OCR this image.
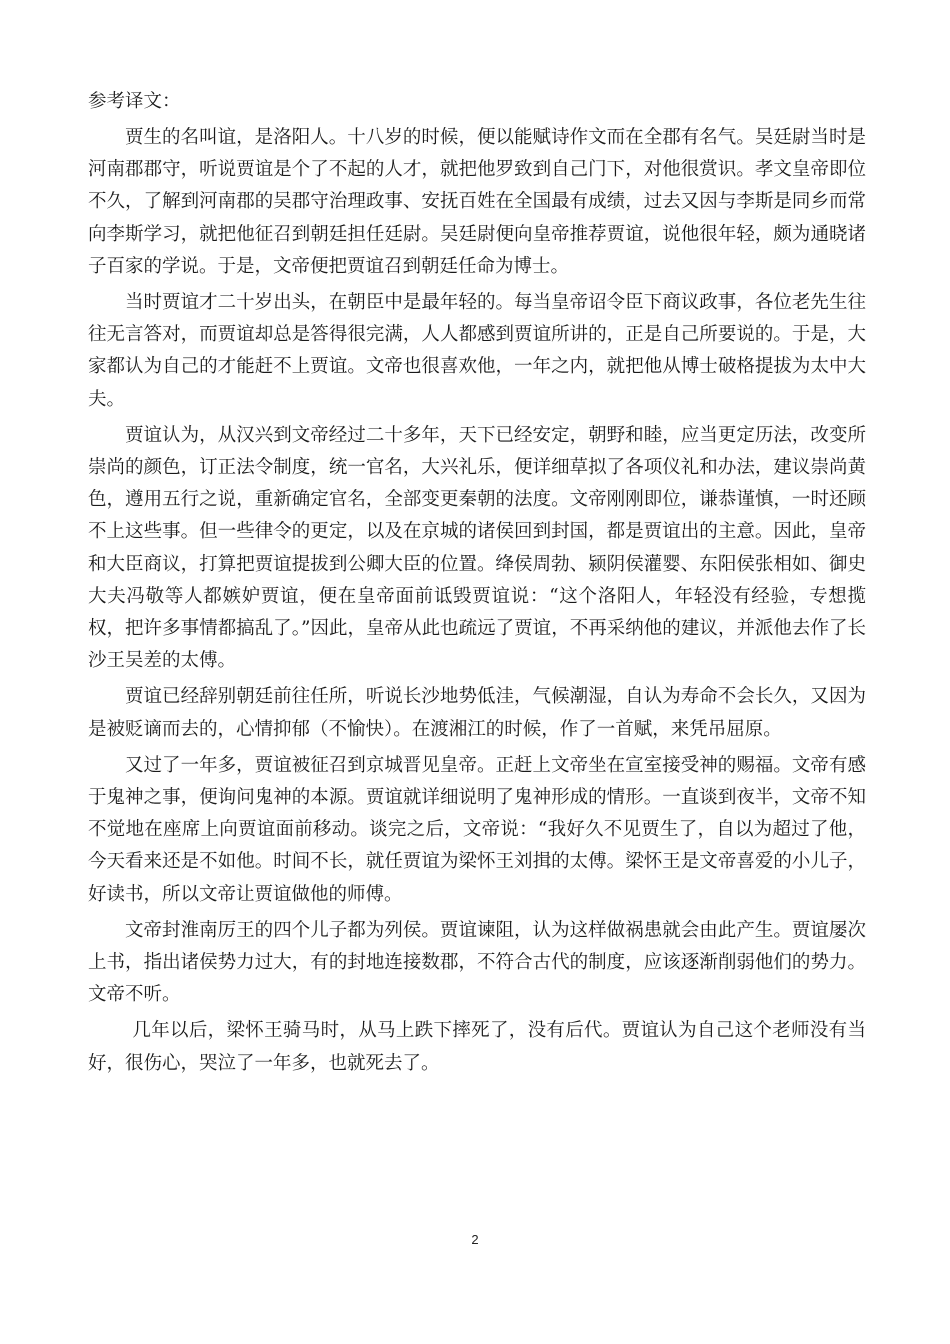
参考译文：

贾生的名叫谊，是洛阳人。十八岁的时候，便以能赋诗作文而在全郡有名气。吴廷尉当时是河南郡郡守，听说贾谊是个了不起的人才，就把他罗致到自己门下，对他很赏识。孝文皇帝即位不久，了解到河南郡的吴郡守治理政事、安抚百姓在全国最有成绩，过去又因与李斯是同乡而常向李斯学习，就把他征召到朝廷担任廷尉。吴廷尉便向皇帝推荐贾谊，说他很年轻，颇为通晓诸子百家的学说。于是，文帝便把贾谊召到朝廷任命为博士。

当时贾谊才二十岁出头，在朝臣中是最年轻的。每当皇帝诏令臣下商议政事，各位老先生往往无言答对，而贾谊却总是答得很完满，人人都感到贾谊所讲的，正是自己所要说的。于是，大家都认为自己的才能赶不上贾谊。文帝也很喜欢他，一年之内，就把他从博士破格提拔为太中大夫。

贾谊认为，从汉兴到文帝经过二十多年，天下已经安定，朝野和睦，应当更定历法，改变所崇尚的颜色，订正法令制度，统一官名，大兴礼乐，便详细草拟了各项仪礼和办法，建议崇尚黄色，遵用五行之说，重新确定官名，全部变更秦朝的法度。文帝刚刚即位，谦恭谨慎，一时还顾不上这些事。但一些律令的更定，以及在京城的诸侯回到封国，都是贾谊出的主意。因此，皇帝和大臣商议，打算把贾谊提拔到公卿大臣的位置。绛侯周勃、颍阴侯灌婴、东阳侯张相如、御史大夫冯敬等人都嫉妒贾谊，便在皇帝面前诋毁贾谊说：“这个洛阳人，年轻没有经验，专想揽权，把许多事情都搞乱了。”因此，皇帝从此也疏远了贾谊，不再采纳他的建议，并派他去作了长沙王吴差的太傅。

贾谊已经辞别朝廷前往任所，听说长沙地势低洼，气候潮湿，自认为寿命不会长久，又因为是被贬谪而去的，心情抑郁（不愉快）。在渡湘江的时候，作了一首赋，来凭吊屈原。

又过了一年多，贾谊被征召到京城晋见皇帝。正赶上文帝坐在宣室接受神的赐福。文帝有感于鬼神之事，便询问鬼神的本源。贾谊就详细说明了鬼神形成的情形。一直谈到夜半，文帝不知不觉地在座席上向贾谊面前移动。谈完之后，文帝说：“我好久不见贾生了，自以为超过了他，今天看来还是不如他。时间不长，就任贾谊为梁怀王刘揖的太傅。梁怀王是文帝喜爱的小儿子，好读书，所以文帝让贾谊做他的师傅。

文帝封淮南厉王的四个儿子都为列侯。贾谊谏阻，认为这样做祸患就会由此产生。贾谊屡次上书，指出诸侯势力过大，有的封地连接数郡，不符合古代的制度，应该逐渐削弱他们的势力。文帝不听。

几年以后，梁怀王骑马时，从马上跌下摔死了，没有后代。贾谊认为自己这个老师没有当好，很伤心，哭泣了一年多，也就死去了。

2
